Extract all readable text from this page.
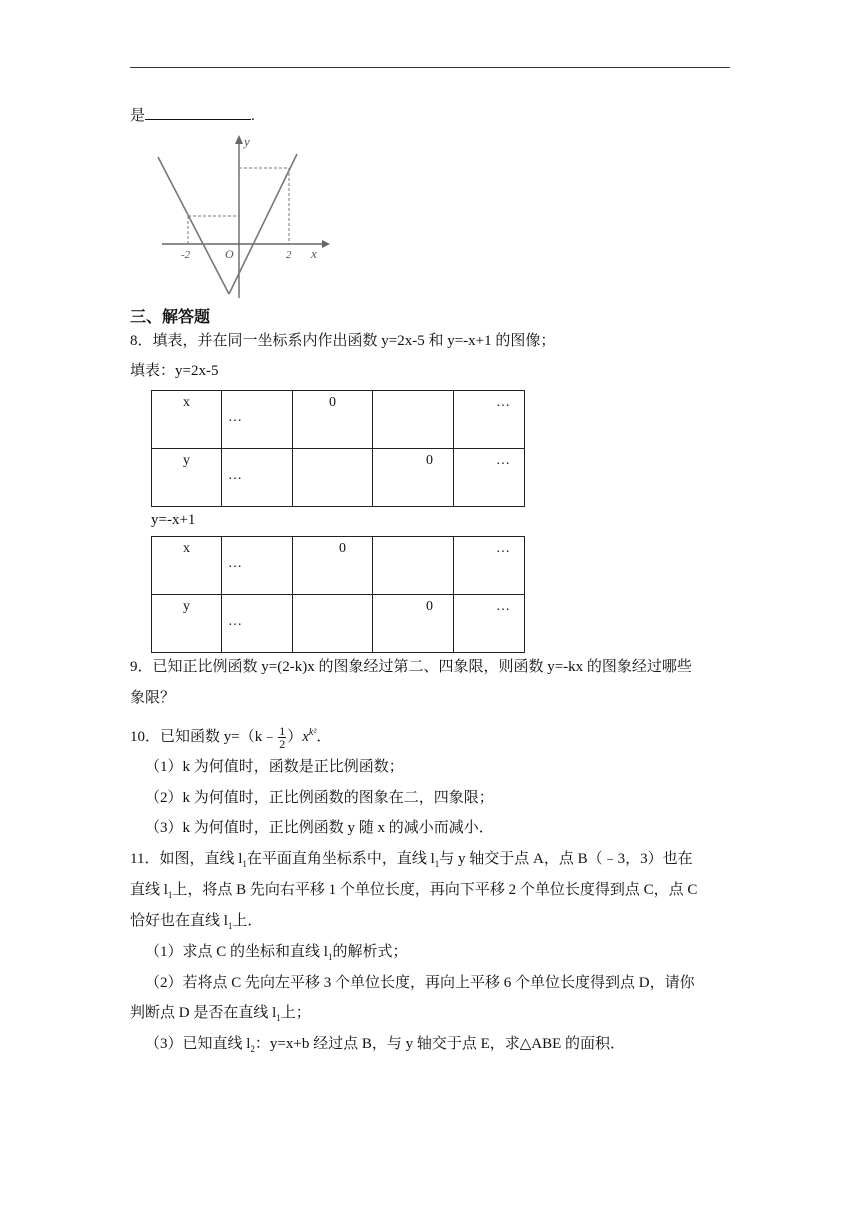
是	.
y
x
O
-2	2
三、解答题
8．填表，并在同一坐标系内作出函数 y=2x-5 和 y=-x+1 的图像；
填表：y=2x-5
x	…	0		…

y	…		0	…
y=-x+1
x	…	0		…

y	…		0	…
9．已知正比例函数 y=(2-k)x 的图象经过第二、四象限，则函数 y=-kx 的图象经过哪些
象限？
10．已知函数 y=（k﹣ $\frac{1}{2} )x^{k^2}$．
（1）k 为何值时，函数是正比例函数；
（2）k 为何值时，正比例函数的图象在二，四象限；
（3）k 为何值时，正比例函数 y 随 x 的减小而减小．
11．如图，直线 $l_1$在平面直角坐标系中，直线 $l_1$与 y 轴交于点 A，点 B（﹣3，3）也在
直线 $l_1$上，将点 B 先向右平移 1 个单位长度，再向下平移 2 个单位长度得到点 C，点 C
恰好也在直线 $l_1$上．
（1）求点 C 的坐标和直线 $l_1$的解析式；
（2）若将点 C 先向左平移 3 个单位长度，再向上平移 6 个单位长度得到点 D，请你
判断点 D 是否在直线 $l_1$上；
（3）已知直线 $l_2$：y=x+b 经过点 B，与 y 轴交于点 E，求△ABE 的面积．
